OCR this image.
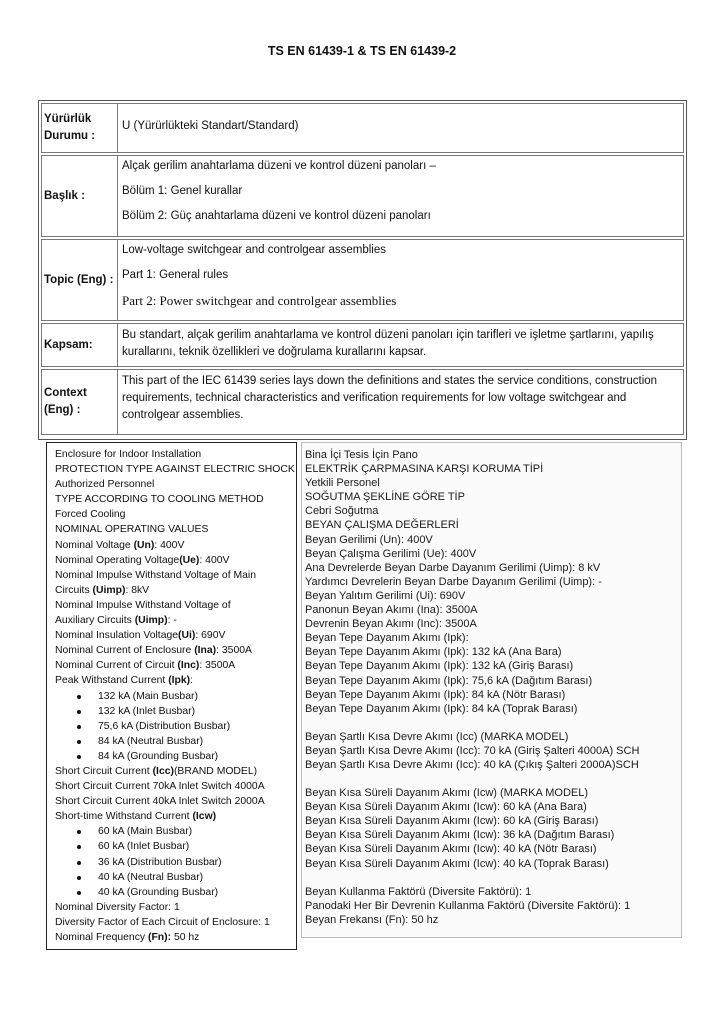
TS EN 61439-1 & TS EN 61439-2
Yürürlük
Durumu :
U (Yürürlükteki Standart/Standard)
Başlık :
Alçak gerilim anahtarlama düzeni ve kontrol düzeni panoları –
Bölüm 1: Genel kurallar
Bölüm 2: Güç anahtarlama düzeni ve kontrol düzeni panoları
Topic (Eng) :
Low-voltage switchgear and controlgear assemblies
Part 1: General rules
Part 2: Power switchgear and controlgear assemblies
Kapsam:
Bu standart, alçak gerilim anahtarlama ve kontrol düzeni panoları için tarifleri ve işletme şartlarını, yapılış kurallarını, teknik özellikleri ve doğrulama kurallarını kapsar.
Context
(Eng) :
This part of the IEC 61439 series lays down the definitions and states the service conditions, construction requirements, technical characteristics and verification requirements for low voltage switchgear and controlgear assemblies.
Enclosure for Indoor Installation
PROTECTION TYPE AGAINST ELECTRIC SHOCK
Authorized Personnel
TYPE ACCORDING TO COOLING METHOD
Forced Cooling
NOMINAL OPERATING VALUES
Nominal Voltage (Un): 400V
Nominal Operating Voltage(Ue): 400V
Nominal Impulse Withstand Voltage of Main
Circuits (Uimp): 8kV
Nominal Impulse Withstand Voltage of
Auxiliary Circuits (Uimp): -
Nominal Insulation Voltage(Ui): 690V
Nominal Current of Enclosure (Ina): 3500A
Nominal Current of Circuit (Inc): 3500A
Peak Withstand Current (Ipk):
132 kA (Main Busbar)
132 kA (Inlet Busbar)
75,6 kA (Distribution Busbar)
84 kA (Neutral Busbar)
84 kA (Grounding Busbar)
Short Circuit Current (Icc)(BRAND MODEL)
Short Circuit Current 70kA Inlet Switch 4000A
Short Circuit Current 40kA Inlet Switch 2000A
Short-time Withstand Current (Icw)
60 kA (Main Busbar)
60 kA (Inlet Busbar)
36 kA (Distribution Busbar)
40 kA (Neutral Busbar)
40 kA (Grounding Busbar)
Nominal Diversity Factor: 1
Diversity Factor of Each Circuit of Enclosure: 1
Nominal Frequency (Fn): 50 hz
Bina İçi Tesis İçin Pano
ELEKTRİK ÇARPMASINA KARŞI KORUMA TİPİ
Yetkili Personel
SOĞUTMA ŞEKLİNE GÖRE TİP
Cebri Soğutma
BEYAN ÇALIŞMA DEĞERLERİ
Beyan Gerilimi (Un): 400V
Beyan Çalışma Gerilimi (Ue): 400V
Ana Devrelerde Beyan Darbe Dayanım Gerilimi (Uimp): 8 kV
Yardımcı Devrelerin Beyan Darbe Dayanım Gerilimi (Uimp): -
Beyan Yalıtım Gerilimi (Ui): 690V
Panonun Beyan Akımı (Ina): 3500A
Devrenin Beyan Akımı (Inc): 3500A
Beyan Tepe Dayanım Akımı (Ipk):
Beyan Tepe Dayanım Akımı (Ipk): 132 kA (Ana Bara)
Beyan Tepe Dayanım Akımı (Ipk): 132 kA (Giriş Barası)
Beyan Tepe Dayanım Akımı (Ipk): 75,6 kA (Dağıtım Barası)
Beyan Tepe Dayanım Akımı (Ipk): 84 kA (Nötr Barası)
Beyan Tepe Dayanım Akımı (Ipk): 84 kA (Toprak Barası)
Beyan Şartlı Kısa Devre Akımı (Icc) (MARKA MODEL)
Beyan Şartlı Kısa Devre Akımı (Icc): 70 kA (Giriş Şalteri 4000A) SCH
Beyan Şartlı Kısa Devre Akımı (Icc): 40 kA (Çıkış Şalteri 2000A)SCH
Beyan Kısa Süreli Dayanım Akımı (Icw) (MARKA MODEL)
Beyan Kısa Süreli Dayanım Akımı (Icw): 60 kA (Ana Bara)
Beyan Kısa Süreli Dayanım Akımı (Icw): 60 kA (Giriş Barası)
Beyan Kısa Süreli Dayanım Akımı (Icw): 36 kA (Dağıtım Barası)
Beyan Kısa Süreli Dayanım Akımı (Icw): 40 kA (Nötr Barası)
Beyan Kısa Süreli Dayanım Akımı (Icw): 40 kA (Toprak Barası)
Beyan Kullanma Faktörü (Diversite Faktörü): 1
Panodaki Her Bir Devrenin Kullanma Faktörü (Diversite Faktörü): 1
Beyan Frekansı (Fn): 50 hz
